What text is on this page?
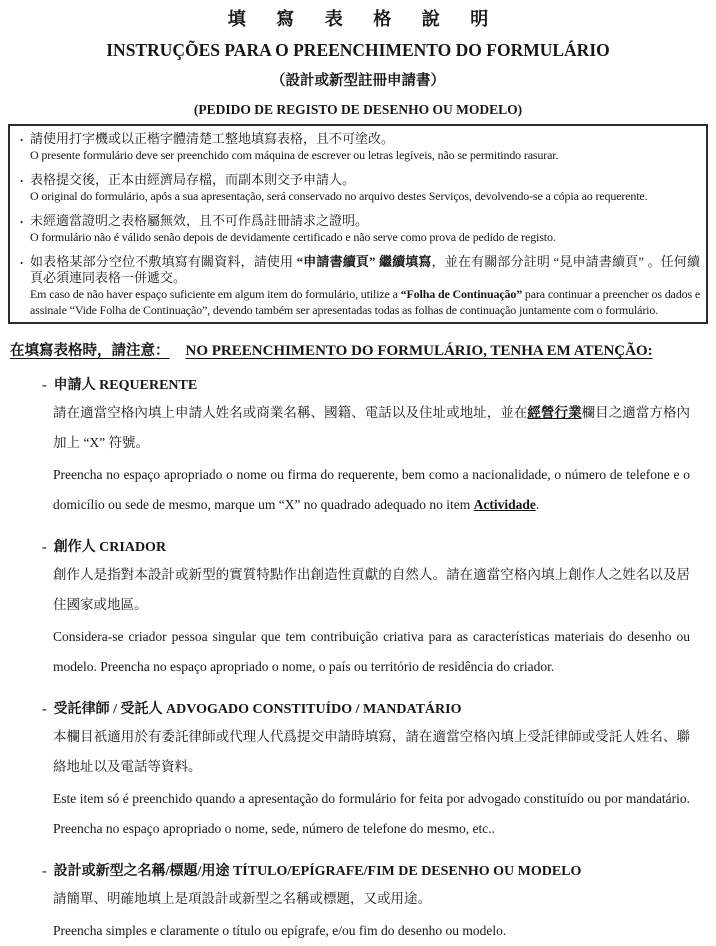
填 寫 表 格 說 明
INSTRUÇÕES PARA O PREENCHIMENTO DO FORMULÁRIO
（設計或新型註冊申請書）
(PEDIDO DE REGISTO DE DESENHO OU MODELO)
. 請使用打字機或以正楷字體清楚工整地填寫表格，且不可塗改。
O presente formulário deve ser preenchido com máquina de escrever ou letras legíveis, não se permitindo rasurar.
. 表格提交後，正本由經濟局存檔，而副本則交予申請人。
O original do formulário, após a sua apresentação, será conservado no arquivo destes Serviços, devolvendo-se a cópia ao requerente.
. 未經適當證明之表格屬無效，且不可作爲註冊請求之證明。
O formulário não é válido senão depois de devidamente certificado e não serve como prova de pedido de registo.
. 如表格某部分空位不敷填寫有關資料，請使用 “申請書續頁” 繼續填寫，並在有關部分註明 “見申請書續頁” 。任何續頁必須連同表格一併遞交。
Em caso de não haver espaço suficiente em algum item do formulário, utilize a “Folha de Continuação” para continuar a preencher os dados e assinale “Vide Folha de Continuação”, devendo também ser apresentadas todas as folhas de continuação juntamente com o formulário.
在填寫表格時，請注意： NO PREENCHIMENTO DO FORMULÁRIO, TENHA EM ATENÇÃO:
- 申請人 REQUERENTE

請在適當空格內填上申請人姓名或商業名稱、國籍、電話以及住址或地址，並在經營行業欄目之適當方格內加上 “X” 符號。

Preencha no espaço apropriado o nome ou firma do requerente, bem como a nacionalidade, o número de telefone e o domicílio ou sede de mesmo, marque um “X” no quadrado adequado no item Actividade.

- 創作人 CRIADOR

創作人是指對本設計或新型的實質特點作出創造性貢獻的自然人。請在適當空格內填上創作人之姓名以及居住國家或地區。

Considera-se criador pessoa singular que tem contribuição criativa para as características materiais do desenho ou modelo. Preencha no espaço apropriado o nome, o país ou território de residência do criador.

- 受託律師 / 受託人 ADVOGADO CONSTITUÍDO / MANDATÁRIO

本欄目祇適用於有委託律師或代理人代爲提交申請時填寫，請在適當空格內填上受託律師或受託人姓名、聯絡地址以及電話等資料。

Este item só é preenchido quando a apresentação do formulário for feita por advogado constituído ou por mandatário. Preencha no espaço apropriado o nome, sede, número de telefone do mesmo, etc..

- 設計或新型之名稱/標題/用途 TÍTULO/EPÍGRAFE/FIM DE DESENHO OU MODELO

請簡單、明確地填上是項設計或新型之名稱或標題，又或用途。

Preencha simples e claramente o título ou epígrafe, e/ou fim do desenho ou modelo.
